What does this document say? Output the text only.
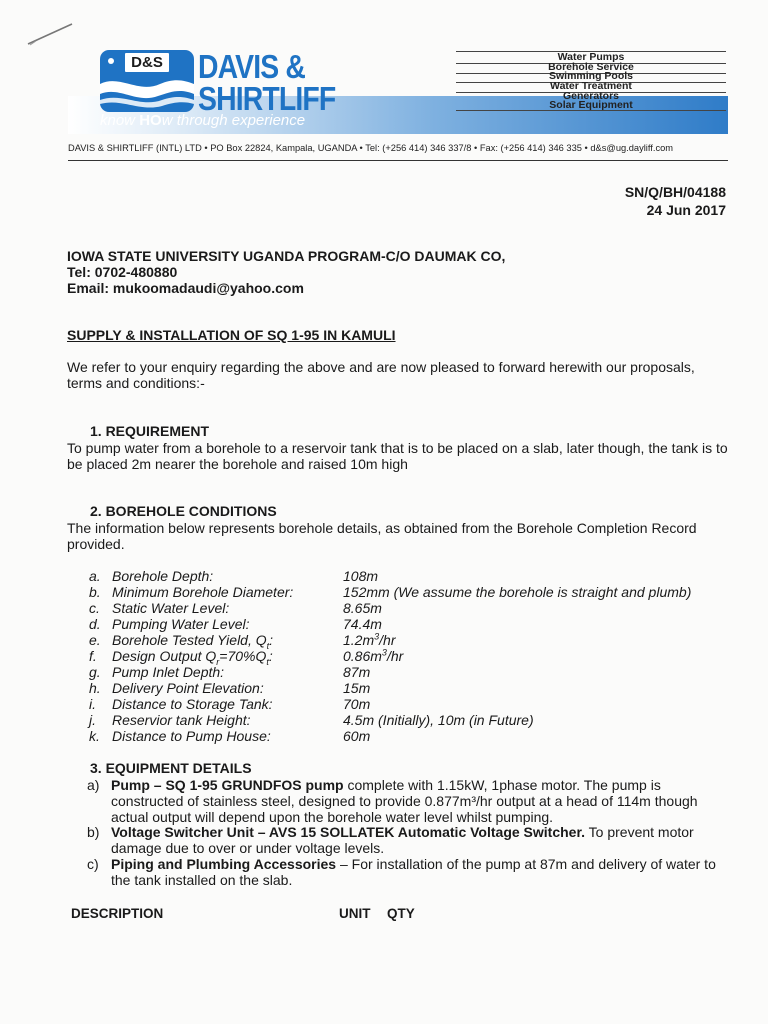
D&S DAVIS &
SHIRTLIFF
know HOw through experience
Water Pumps
Borehole Service
Swimming Pools
Water Treatment
Generators
Solar Equipment
DAVIS & SHIRTLIFF (INTL) LTD • PO Box 22824, Kampala, UGANDA • Tel: (+256 414) 346 337/8 • Fax: (+256 414) 346 335 • d&s@ug.dayliff.com
SN/Q/BH/04188
24 Jun 2017
IOWA STATE UNIVERSITY UGANDA PROGRAM-C/O DAUMAK CO,
Tel: 0702-480880
Email: mukoomadaudi@yahoo.com
SUPPLY & INSTALLATION OF SQ 1-95 IN KAMULI
We refer to your enquiry regarding the above and are now pleased to forward herewith our proposals, terms and conditions:-
1. REQUIREMENT
To pump water from a borehole to a reservoir tank that is to be placed on a slab, later though, the tank is to be placed 2m nearer the borehole and raised 10m high
2. BOREHOLE CONDITIONS
The information below represents borehole details, as obtained from the Borehole Completion Record provided.
a. Borehole Depth:	108m
b. Minimum Borehole Diameter:	152mm (We assume the borehole is straight and plumb)
c. Static Water Level:	8.65m
d. Pumping Water Level:	74.4m
e. Borehole Tested Yield, $Q_t$:	$1.2m^3/hr$
f. Design Output $Q_r=70\%Q_t$:	$0.86m^3/hr$
g. Pump Inlet Depth:	87m
h. Delivery Point Elevation:	15m
i. Distance to Storage Tank:	70m
j. Reservior tank Height:	4.5m (Initially), 10m (in Future)
k. Distance to Pump House:	60m
3. EQUIPMENT DETAILS
a) Pump – SQ 1-95 GRUNDFOS pump complete with 1.15kW, 1phase motor. The pump is constructed of stainless steel, designed to provide 0.877m³/hr output at a head of 114m though actual output will depend upon the borehole water level whilst pumping.
b) Voltage Switcher Unit – AVS 15 SOLLATEK Automatic Voltage Switcher. To prevent motor damage due to over or under voltage levels.
c) Piping and Plumbing Accessories – For installation of the pump at 87m and delivery of water to the tank installed on the slab.
DESCRIPTION	UNIT QTY
